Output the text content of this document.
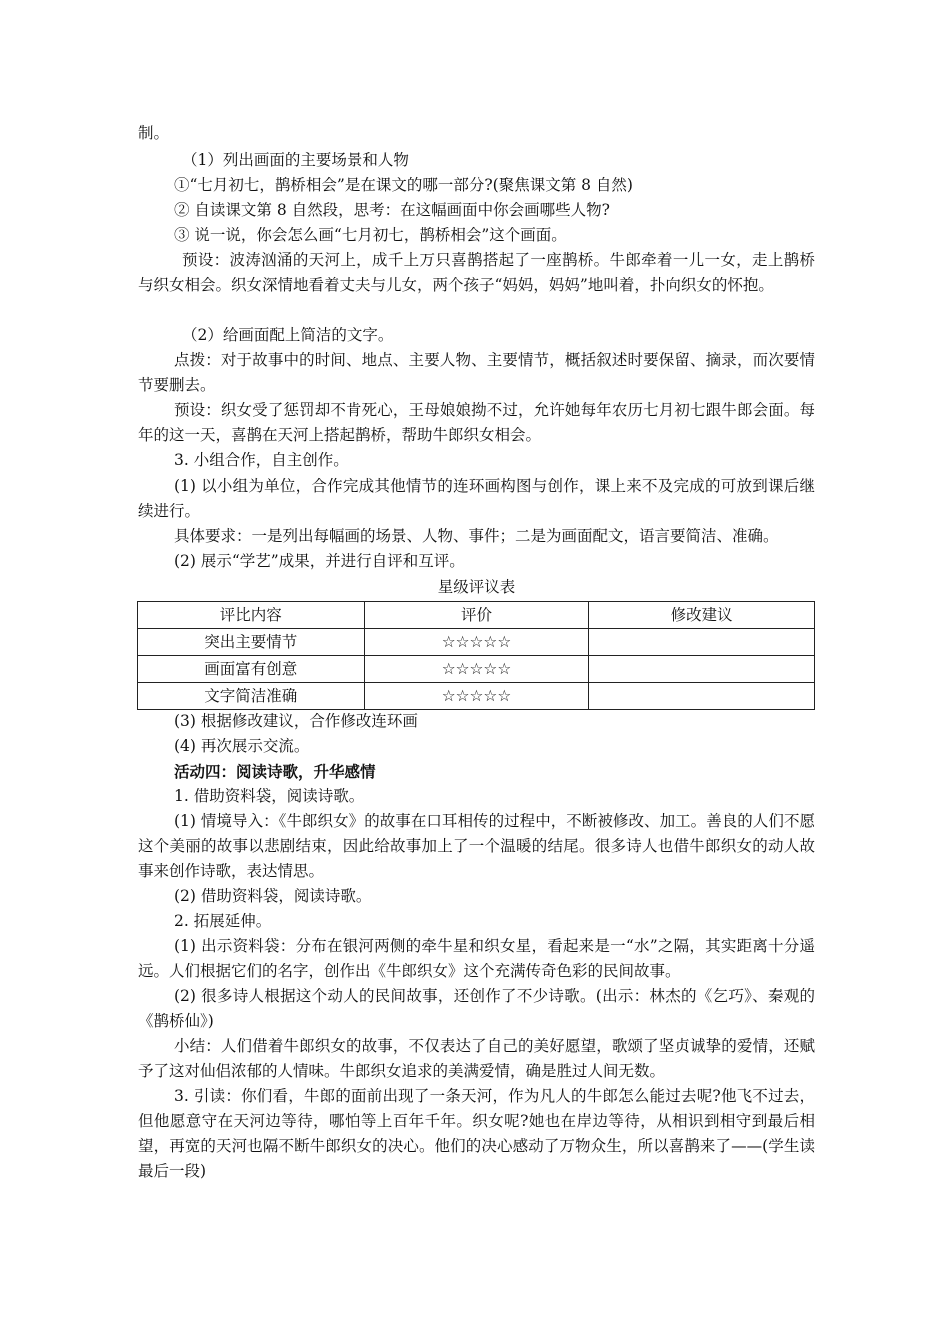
制。

（1）列出画面的主要场景和人物

①“七月初七，鹊桥相会”是在课文的哪一部分?(聚焦课文第 8 自然)

② 自读课文第 8 自然段，思考：在这幅画面中你会画哪些人物?

③ 说一说，你会怎么画“七月初七，鹊桥相会”这个画面。

预设：波涛汹涌的天河上，成千上万只喜鹊搭起了一座鹊桥。牛郎牵着一儿一女，走上鹊桥与织女相会。织女深情地看着丈夫与儿女，两个孩子“妈妈，妈妈”地叫着，扑向织女的怀抱。

（2）给画面配上简洁的文字。

点拨：对于故事中的时间、地点、主要人物、主要情节，概括叙述时要保留、摘录，而次要情节要删去。

预设：织女受了惩罚却不肯死心，王母娘娘拗不过，允许她每年农历七月初七跟牛郎会面。每年的这一天，喜鹊在天河上搭起鹊桥，帮助牛郎织女相会。

3. 小组合作，自主创作。

(1) 以小组为单位，合作完成其他情节的连环画构图与创作，课上来不及完成的可放到课后继续进行。

具体要求：一是列出每幅画的场景、人物、事件；二是为画面配文，语言要简洁、准确。

(2) 展示“学艺”成果，并进行自评和互评。

星级评议表
评比内容	评价	修改建议
突出主要情节	☆☆☆☆☆	
画面富有创意	☆☆☆☆☆	
文字简洁准确	☆☆☆☆☆	

(3) 根据修改建议，合作修改连环画

(4) 再次展示交流。

活动四：阅读诗歌，升华感情

1. 借助资料袋，阅读诗歌。

(1) 情境导入：《牛郎织女》的故事在口耳相传的过程中，不断被修改、加工。善良的人们不愿这个美丽的故事以悲剧结束，因此给故事加上了一个温暖的结尾。很多诗人也借牛郎织女的动人故事来创作诗歌，表达情思。

(2) 借助资料袋，阅读诗歌。

2. 拓展延伸。

(1) 出示资料袋：分布在银河两侧的牵牛星和织女星，看起来是一“水”之隔，其实距离十分遥远。人们根据它们的名字，创作出《牛郎织女》这个充满传奇色彩的民间故事。

(2) 很多诗人根据这个动人的民间故事，还创作了不少诗歌。(出示：林杰的《乞巧》、秦观的《鹊桥仙》)

小结：人们借着牛郎织女的故事，不仅表达了自己的美好愿望，歌颂了坚贞诚挚的爱情，还赋予了这对仙侣浓郁的人情味。牛郎织女追求的美满爱情，确是胜过人间无数。

3. 引读：你们看，牛郎的面前出现了一条天河，作为凡人的牛郎怎么能过去呢?他飞不过去，但他愿意守在天河边等待，哪怕等上百年千年。织女呢?她也在岸边等待，从相识到相守到最后相望，再宽的天河也隔不断牛郎织女的决心。他们的决心感动了万物众生，所以喜鹊来了——(学生读最后一段)
